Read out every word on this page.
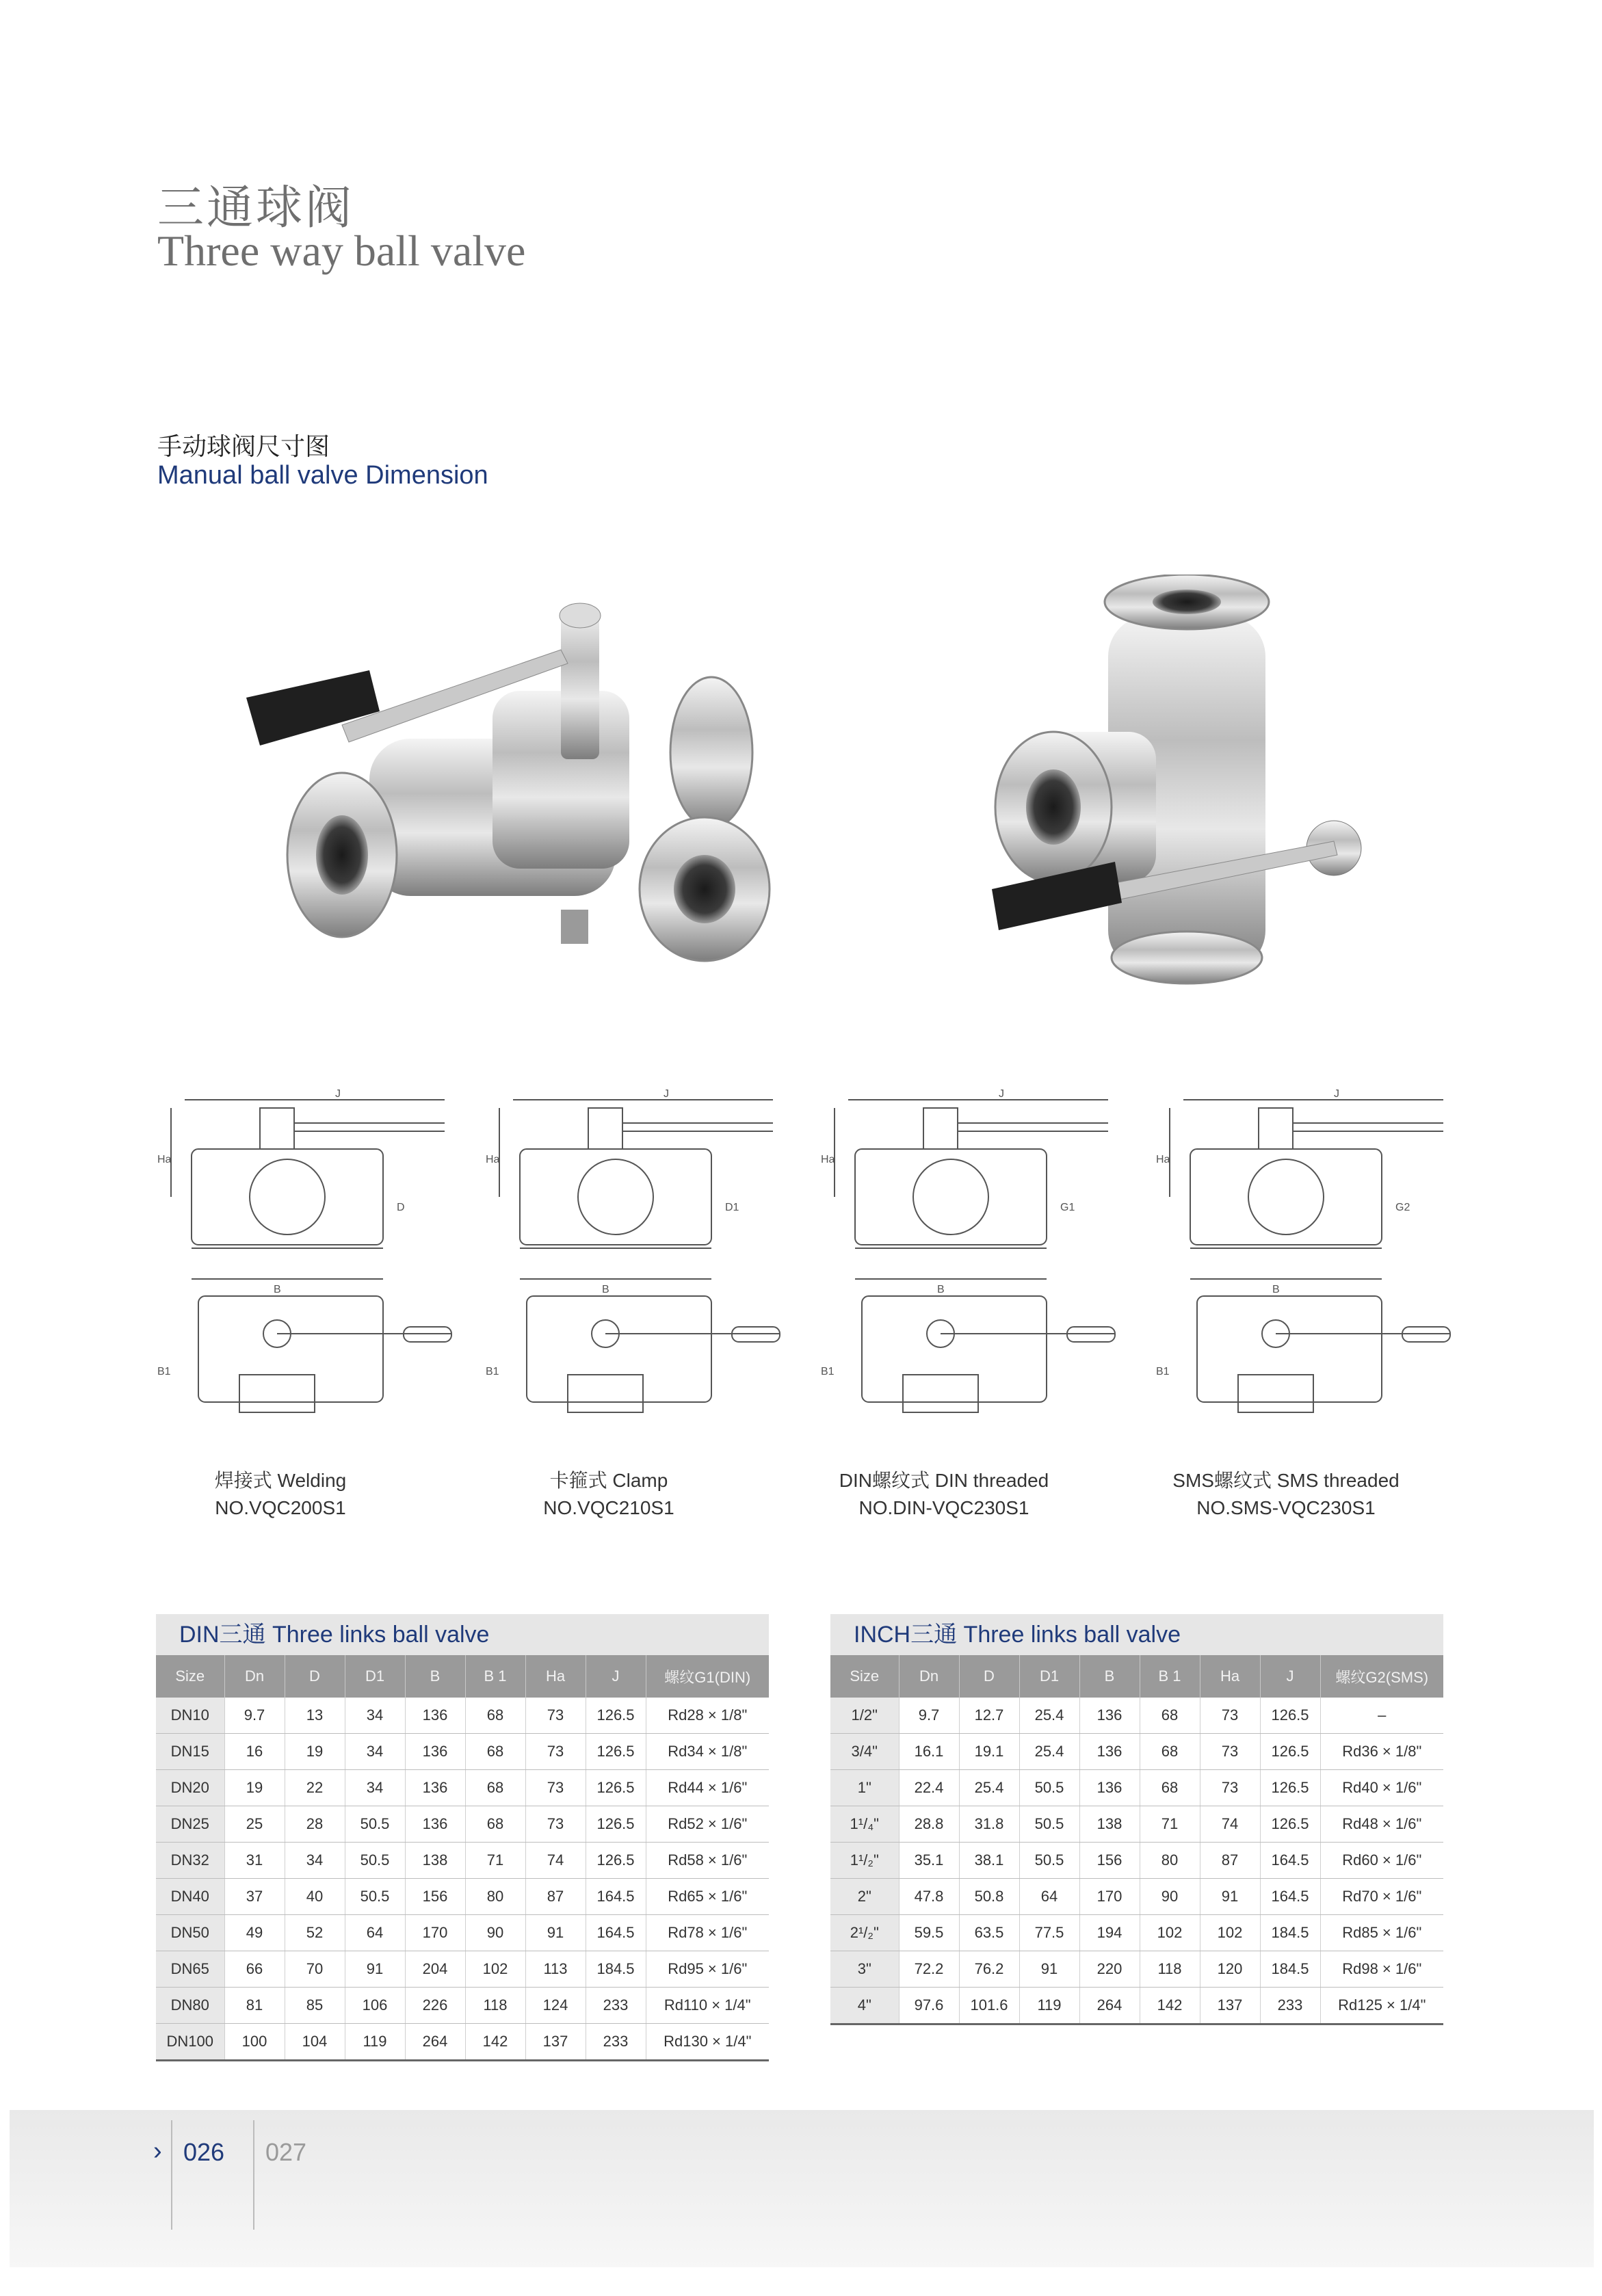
三通球阀
Three way ball valve
手动球阀尺寸图
Manual ball valve Dimension
J
Ha
B
B1
D
J
Ha
B
B1
D1
J
Ha
B
B1
G1
J
Ha
B
B1
G2
焊接式 Welding
NO.VQC200S1
卡箍式 Clamp
NO.VQC210S1
DIN螺纹式 DIN threaded
NO.DIN-VQC230S1
SMS螺纹式 SMS threaded
NO.SMS-VQC230S1
DIN三通 Three links ball valve
Size	Dn	D	D1	B	B 1	Ha	J	螺纹G1(DIN)
DN10	9.7	13	34	136	68	73	126.5	Rd28 × 1/8"
DN15	16	19	34	136	68	73	126.5	Rd34 × 1/8"
DN20	19	22	34	136	68	73	126.5	Rd44 × 1/6"
DN25	25	28	50.5	136	68	73	126.5	Rd52 × 1/6"
DN32	31	34	50.5	138	71	74	126.5	Rd58 × 1/6"
DN40	37	40	50.5	156	80	87	164.5	Rd65 × 1/6"
DN50	49	52	64	170	90	91	164.5	Rd78 × 1/6"
DN65	66	70	91	204	102	113	184.5	Rd95 × 1/6"
DN80	81	85	106	226	118	124	233	Rd110 × 1/4"
DN100	100	104	119	264	142	137	233	Rd130 × 1/4"
INCH三通 Three links ball valve
Size	Dn	D	D1	B	B 1	Ha	J	螺纹G2(SMS)
1/2"	9.7	12.7	25.4	136	68	73	126.5	–
3/4"	16.1	19.1	25.4	136	68	73	126.5	Rd36 × 1/8"
1"	22.4	25.4	50.5	136	68	73	126.5	Rd40 × 1/6"
1¹/₄"	28.8	31.8	50.5	138	71	74	126.5	Rd48 × 1/6"
1¹/₂"	35.1	38.1	50.5	156	80	87	164.5	Rd60 × 1/6"
2"	47.8	50.8	64	170	90	91	164.5	Rd70 × 1/6"
2¹/₂"	59.5	63.5	77.5	194	102	102	184.5	Rd85 × 1/6"
3"	72.2	76.2	91	220	118	120	184.5	Rd98 × 1/6"
4"	97.6	101.6	119	264	142	137	233	Rd125 × 1/4"
› 026 027
